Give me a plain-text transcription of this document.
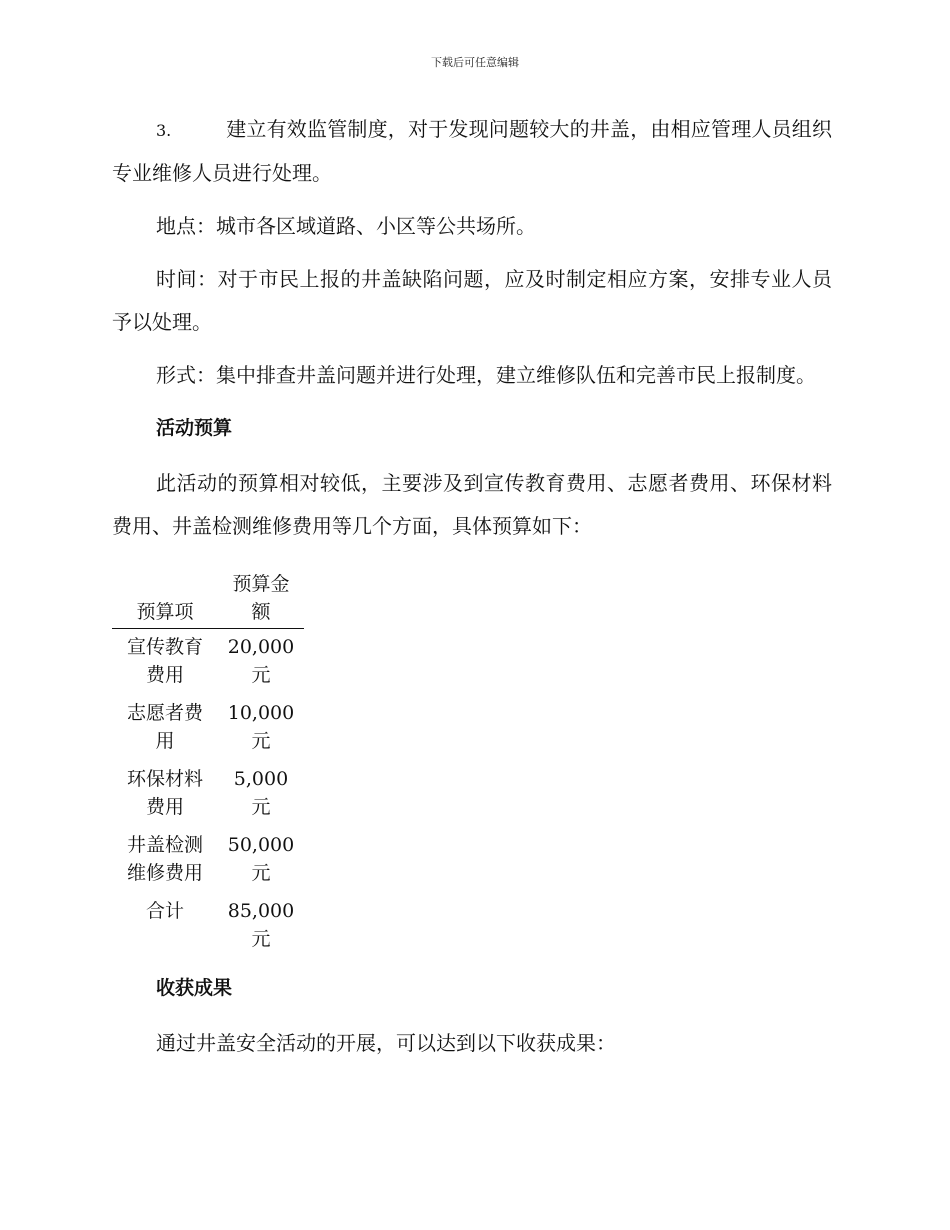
下载后可任意编辑

3.	建立有效监管制度，对于发现问题较大的井盖，由相应管理人员组织专业维修人员进行处理。

地点：城市各区域道路、小区等公共场所。

时间：对于市民上报的井盖缺陷问题，应及时制定相应方案，安排专业人员予以处理。

形式：集中排查井盖问题并进行处理，建立维修队伍和完善市民上报制度。

活动预算

此活动的预算相对较低，主要涉及到宣传教育费用、志愿者费用、环保材料费用、井盖检测维修费用等几个方面，具体预算如下：

预算项	预算金额
宣传教育费用	20,000元
志愿者费用	10,000元
环保材料费用	5,000元
井盖检测维修费用	50,000元
合计	85,000元

收获成果

通过井盖安全活动的开展，可以达到以下收获成果：
